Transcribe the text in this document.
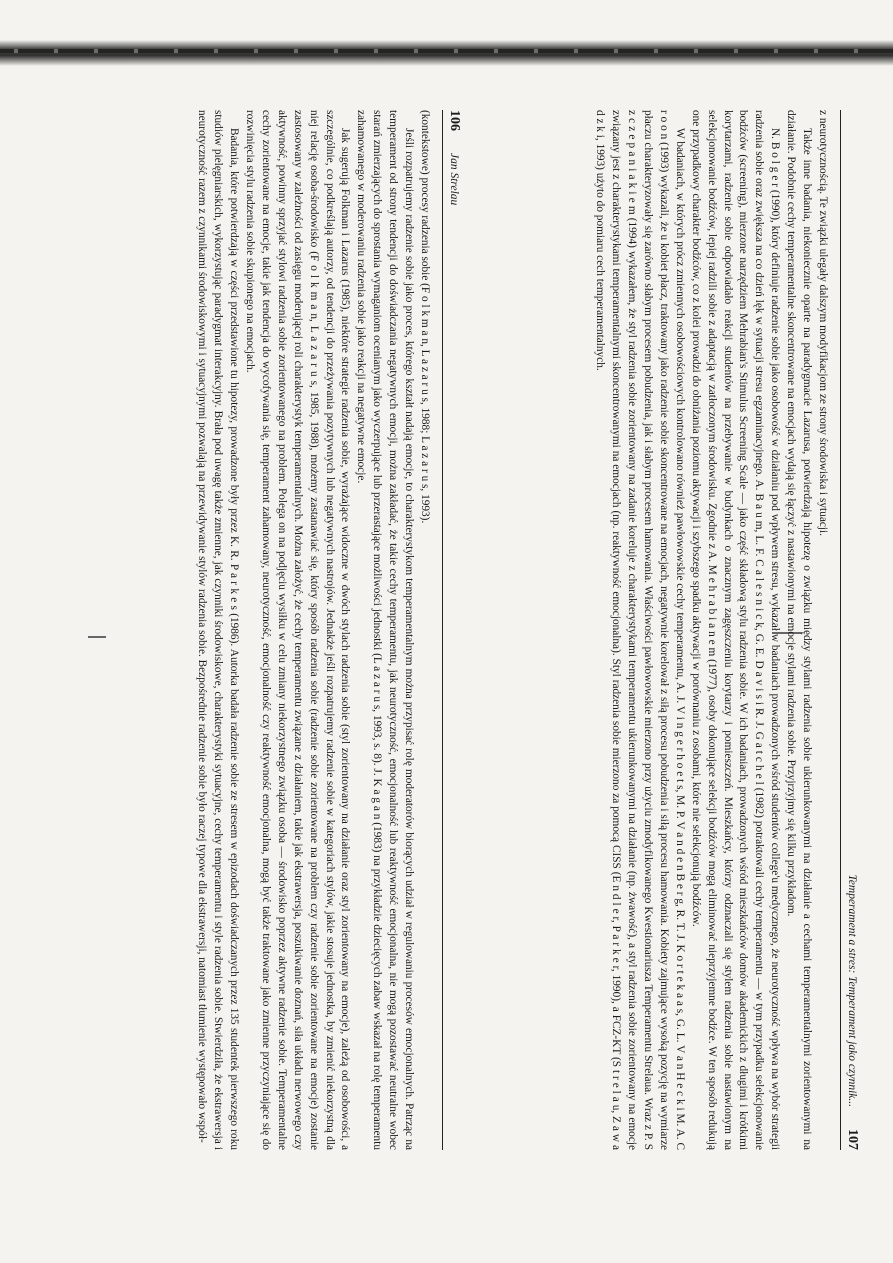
106
Jan Strelau

(kontekstowe) procesy radzenia sobie (F o l k m a n, L a z a r u s, 1988; L a z a r u s, 1993).

Jeśli rozpatrujemy radzenie sobie jako proces, którego kształt nadają emocje, to charakterystykom temperamentalnym można przypisać rolę moderatorów biorących udział w regulowaniu procesów emocjonalnych. Patrząc na temperament od strony tendencji do doświadczania negatywnych emocji, można zakładać, że takie cechy temperamentu, jak neurotyczność, emocjonalność lub reaktywność emocjonalna, nie mogą pozostawać neutralne wobec starań zmierzających do sprostania wymaganiom ocenianym jako wyczerpujące lub przerastające możliwości jednostki (L a z a r u s, 1993, s. 8). J. K a g a n (1983) na przykładzie dziecięcych zabaw wskazał na rolę temperamentu zahamowanego w moderowaniu radzenia sobie jako reakcji na negatywne emocje.

Jak sugerują Folkman i Lazarus (1985), niektóre strategie radzenia sobie, wyrażające widoczne w dwóch stylach radzenia sobie (styl zorientowany na działanie oraz styl zorientowany na emocje), zależą od osobowości, a szczególnie, co podkreślają autorzy, od tendencji do przeżywania pozytywnych lub negatywnych nastrojów. Jednakże jeśli rozpatrujemy radzenie sobie w kategoriach stylów, jakie stosuje jednostka, by zmienić niekorzystną dla niej relację osoba-środowisko (F o l k m a n, L a z a r u s, 1985, 1988), możemy zastanawiać się, który sposób radzenia sobie (radzenie sobie zorientowane na problem czy radzenie sobie zorientowane na emocje) zostanie zastosowany w zależności od zasięgu moderującej roli charakterystyk temperamentalnych. Można założyć, że cechy temperamentu związane z działaniem, takie jak ekstrawersja, poszukiwanie doznań, siła układu nerwowego czy aktywność, powinny sprzyjać stylowi radzenia sobie zorientowanego na problem. Polega on na podjęciu wysiłku w celu zmiany niekorzystnego związku osoba — środowisko poprzez aktywne radzenie sobie. Temperamentalne cechy zorientowane na emocje, takie jak tendencja do wycofywania się, temperament zahamowany, neurotyczność, emocjonalność czy reaktywność emocjonalna, mogą być także traktowane jako zmienne przyczyniające się do rozwinięcia stylu radzenia sobie skupionego na emocjach.

Badania, które potwierdzają w części przedstawione tu hipotezy, prowadzone były przez K. R. P a r k e s (1986). Autorka badała radzenie sobie ze stresem w epizodach doświadczanych przez 135 studentek pierwszego roku studiów pielęgniarskich, wykorzystując paradygmat interakcyjny. Brała pod uwagę także zmienne, jak czynniki środowiskowe, charakterystyki sytuacyjne, cechy temperamentu i style radzenia sobie. Stwierdziła, że ekstrawersja i neurotyczność razem z czynnikami środowiskowymi i sytuacyjnymi pozwalają na przewidywanie stylów radzenia sobie. Bezpośrednie radzenie sobie było raczej typowe dla ekstrawersji, natomiast tłumienie występowało współ-	Temperament a stres: Temperament jako czynnik...
107

z neurotycznością. Te związki ulegały dalszym modyfikacjom ze strony środowiska i sytuacji.

Także inne badania, niekoniecznie oparte na paradygmacie Lazarusa, potwierdzają hipotezę o związku między stylami radzenia sobie ukierunkowanymi na działanie a cechami temperamentalnymi zorientowanymi na działanie. Podobnie cechy temperamentalne skoncentrowane na emocjach wydają się łączyć z nastawionymi na emocje stylami radzenia sobie. Przyjrzyjmy się kilku przykładom.

N. B o l g e r (1990), który definiuje radzenie sobie jako osobowość w działaniu pod wpływem stresu, wykazał w badaniach prowadzonych wśród studentów college'u medycznego, że neurotyczność wpływa na wybór strategii radzenia sobie oraz zwiększa na co dzień lęk w sytuacji stresu egzaminacyjnego. A. B a u m, L. F. C a l e s n i c k, G. E. D a v i s i R. J. G a t c h e l (1982) potraktowali cechy temperamentu — w tym przypadku selekcjonowanie bodźców (screening), mierzone narzędziem Mehrabian's Stimulus Screening Scale — jako część składową stylu radzenia sobie. W ich badaniach, prowadzonych wśród mieszkańców domów akademickich z długimi i krótkimi korytarzami, radzenie sobie odpowiadało reakcji studentów na przebywanie w budynkach o znacznym zagęszczeniu korytarzy i pomieszczeń. Mieszkańcy, którzy odznaczali się stylem radzenia sobie nastawionym na selekcjonowanie bodźców, lepiej radzili sobie z adaptacją w zatłoczonym środowisku. Zgodnie z A. M e h r a b i a n e m (1977), osoby dokonujące selekcji bodźców mogą eliminować nieprzyjemne bodźce. W ten sposób redukują one przypadkowy charakter bodźców, co z kolei prowadzi do obniżania poziomu aktywacji i szybszego spadku aktywacji w porównaniu z osobami, które nie selekcjonują bodźców.

W badaniach, w których prócz zmiennych osobowościowych kontrolowano również pawłowowskie cechy temperamentu, A. J. V i n g e r h o e t s, M. P. V a n d e n B e r g, R. T. J. K o r t e k a a s, G. L. V a n H e c k i M. A. C r o o n (1993) wykazali, że u kobiet płacz, traktowany jako radzenie sobie skoncentrowane na emocjach, negatywnie korelował z siłą procesu pobudzenia i siłą procesu hamowania. Kobiety zajmujące wysoką pozycję na wymiarze płaczu charakteryzowały się zarówno słabym procesem pobudzenia, jak i słabym procesem hamowania. Właściwości pawłowowskie mierzono przy użyciu zmodyfikowanego Kwestionariusza Temperamentu Strelaua. Wraz z P. S z c z e p a n i a k i e m (1994) wykazałem, że styl radzenia sobie zorientowany na zadanie koreluje z charakterystykami temperamentu ukierunkowanymi na działanie (np. żwawość), a styl radzenia sobie zorientowany na emocje związany jest z charakterystykami temperamentalnymi skoncentrowanymi na emocjach (np. reaktywność emocjonalna). Styl radzenia sobie mierzono za pomocą CISS (E n d l e r, P a r k e r, 1990), a FCZ-KT (S t r e l a u, Z a w a d z k i, 1993) użyto do pomiaru cech temperamentalnych.
